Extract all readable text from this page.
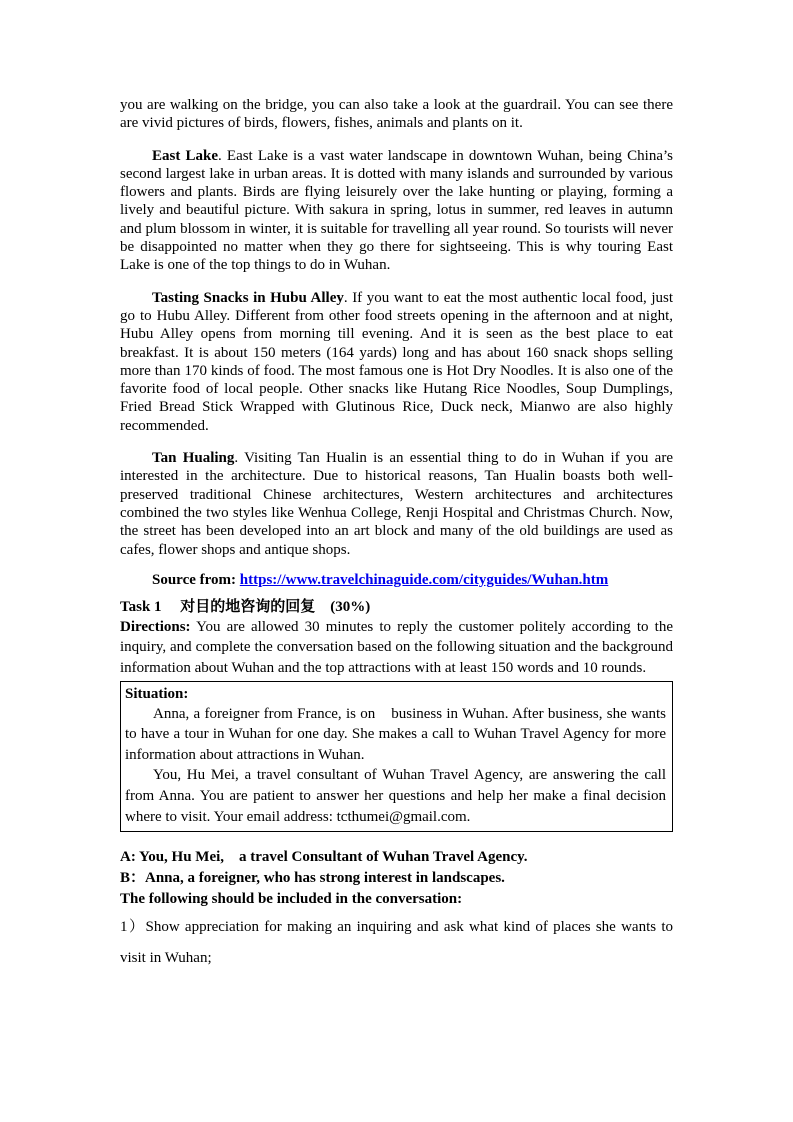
you are walking on the bridge, you can also take a look at the guardrail. You can see there are vivid pictures of birds, flowers, fishes, animals and plants on it.

East Lake. East Lake is a vast water landscape in downtown Wuhan, being China’s second largest lake in urban areas. It is dotted with many islands and surrounded by various flowers and plants. Birds are flying leisurely over the lake hunting or playing, forming a lively and beautiful picture. With sakura in spring, lotus in summer, red leaves in autumn and plum blossom in winter, it is suitable for travelling all year round. So tourists will never be disappointed no matter when they go there for sightseeing. This is why touring East Lake is one of the top things to do in Wuhan.

Tasting Snacks in Hubu Alley. If you want to eat the most authentic local food, just go to Hubu Alley. Different from other food streets opening in the afternoon and at night, Hubu Alley opens from morning till evening. And it is seen as the best place to eat breakfast. It is about 150 meters (164 yards) long and has about 160 snack shops selling more than 170 kinds of food. The most famous one is Hot Dry Noodles. It is also one of the favorite food of local people. Other snacks like Hutang Rice Noodles, Soup Dumplings, Fried Bread Stick Wrapped with Glutinous Rice, Duck neck, Mianwo are also highly recommended.

Tan Hualing. Visiting Tan Hualin is an essential thing to do in Wuhan if you are interested in the architecture. Due to historical reasons, Tan Hualin boasts both well-preserved traditional Chinese architectures, Western architectures and architectures combined the two styles like Wenhua College, Renji Hospital and Christmas Church. Now, the street has been developed into an art block and many of the old buildings are used as cafes, flower shops and antique shops.

Source from: https://www.travelchinaguide.com/cityguides/Wuhan.htm

Task 1　 对目的地咨询的回复　(30%)

Directions: You are allowed 30 minutes to reply the customer politely according to the inquiry, and complete the conversation based on the following situation and the background information about Wuhan and the top attractions with at least 150 words and 10 rounds.

Situation:

Anna, a foreigner from France, is on　business in Wuhan. After business, she wants to have a tour in Wuhan for one day. She makes a call to Wuhan Travel Agency for more information about attractions in Wuhan.

You, Hu Mei, a travel consultant of Wuhan Travel Agency, are answering the call from Anna. You are patient to answer her questions and help her make a final decision where to visit. Your email address: tcthumei@gmail.com.

A: You, Hu Mei,　a travel Consultant of Wuhan Travel Agency.

B：Anna, a foreigner, who has strong interest in landscapes.

The following should be included in the conversation:

1）Show appreciation for making an inquiring and ask what kind of places she wants to　visit in Wuhan;
